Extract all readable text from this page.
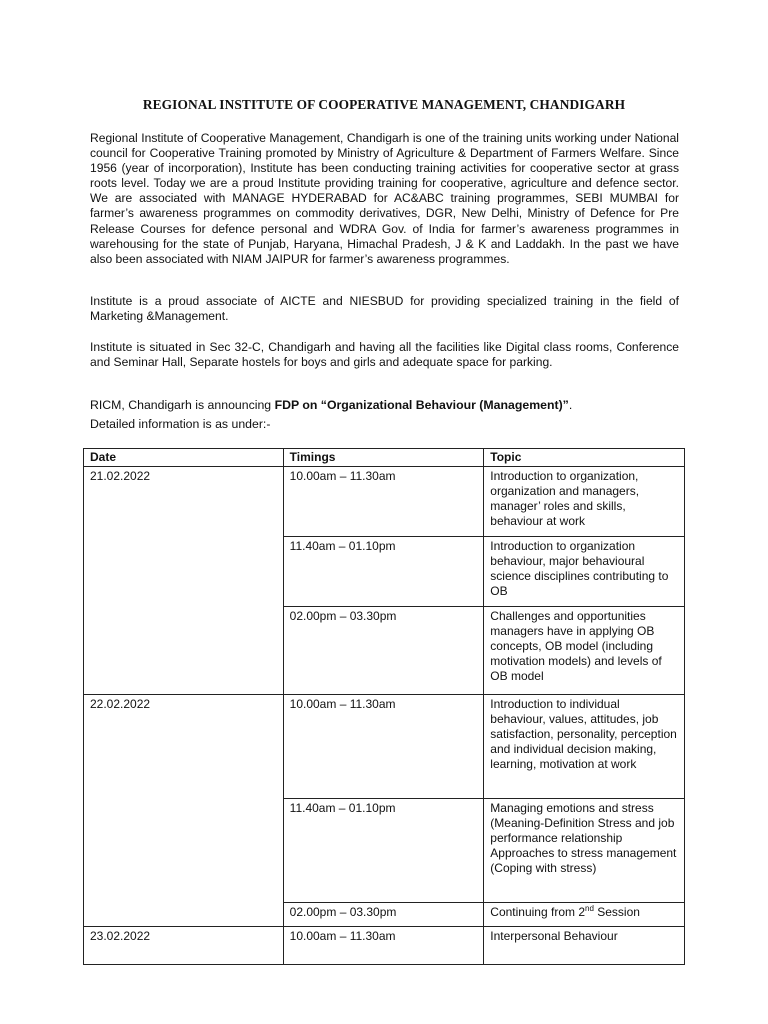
REGIONAL INSTITUTE OF COOPERATIVE MANAGEMENT, CHANDIGARH

Regional Institute of Cooperative Management, Chandigarh is one of the training units working under National council for Cooperative Training promoted by Ministry of Agriculture & Department of Farmers Welfare. Since 1956 (year of incorporation), Institute has been conducting training activities for cooperative sector at grass roots level. Today we are a proud Institute providing training for cooperative, agriculture and defence sector. We are associated with MANAGE HYDERABAD for AC&ABC training programmes, SEBI MUMBAI for farmer’s awareness programmes on commodity derivatives, DGR, New Delhi, Ministry of Defence for Pre Release Courses for defence personal and WDRA Gov. of India for farmer’s awareness programmes in warehousing for the state of Punjab, Haryana, Himachal Pradesh, J & K and Laddakh. In the past we have also been associated with NIAM JAIPUR for farmer’s awareness programmes.

Institute is a proud associate of AICTE and NIESBUD for providing specialized training in the field of Marketing &Management.

Institute is situated in Sec 32-C, Chandigarh and having all the facilities like Digital class rooms, Conference and Seminar Hall, Separate hostels for boys and girls and adequate space for parking.

RICM, Chandigarh is announcing FDP on “Organizational Behaviour (Management)”.
Detailed information is as under:-
Date	Timings	Topic
21.02.2022	10.00am – 11.30am	Introduction to organization, organization and managers, manager’ roles and skills, behaviour at work
	11.40am – 01.10pm	Introduction to organization behaviour, major behavioural science disciplines contributing to OB
	02.00pm – 03.30pm	Challenges and opportunities managers have in applying OB concepts, OB model (including motivation models) and levels of OB model
22.02.2022	10.00am – 11.30am	Introduction to individual behaviour, values, attitudes, job satisfaction, personality, perception and individual decision making, learning, motivation at work
	11.40am – 01.10pm	Managing emotions and stress (Meaning-Definition Stress and job performance relationship Approaches to stress management (Coping with stress)
	02.00pm – 03.30pm	Continuing from 2nd Session
23.02.2022	10.00am – 11.30am	Interpersonal Behaviour
